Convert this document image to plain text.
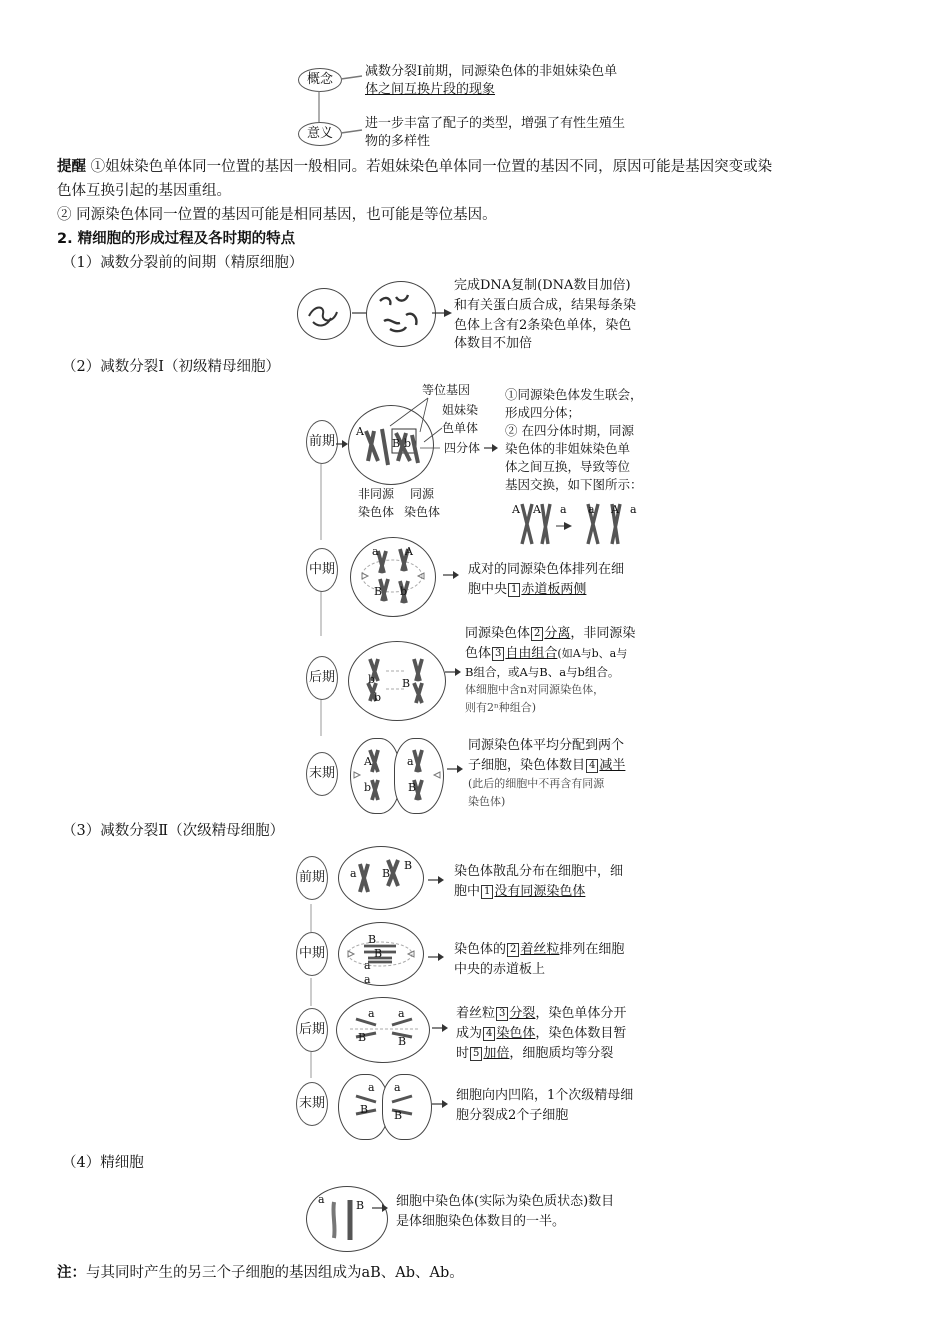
概念
意义
减数分裂Ⅰ前期，同源染色体的非姐妹染色单
体之间互换片段的现象
进一步丰富了配子的类型，增强了有性生殖生
物的多样性
提醒 ①姐妹染色单体同一位置的基因一般相同。若姐妹染色单体同一位置的基因不同，原因可能是基因突变或染
色体互换引起的基因重组。
② 同源染色体同一位置的基因可能是相同基因，也可能是等位基因。
2. 精细胞的形成过程及各时期的特点
（1）减数分裂前的间期（精原细胞）
完成DNA复制(DNA数目加倍)
和有关蛋白质合成，结果每条染
色体上含有2条染色单体，染色
体数目不加倍
（2）减数分裂Ⅰ（初级精母细胞）
前期
A
B b
等位基因
姐妹染
色单体
四分体
非同源
染色体
同源
染色体
①同源染色体发生联会，
形成四分体；
② 在四分体时期，同源
染色体的非姐妹染色单
体之间互换，导致等位
基因交换，如下图所示：
A A a a A a
中期
a A
B b
成对的同源染色体排列在细
胞中央 1 赤道板两侧
后期	b B
b
同源染色体 2 分离，非同源染
色体 3 自由组合(如A与b、a与
B组合，或A与B、a与b组合。
体细胞中含n对同源染色体，
则有2ⁿ种组合)
末期
A	a
b	B
同源染色体平均分配到两个
子细胞，染色体数目 4 减半
(此后的细胞中不再含有同源
染色体)
（3）减数分裂Ⅱ（次级精母细胞）
前期 a B
B	染色体散乱分布在细胞中，细
胞中 1 没有同源染色体
中期
B
B
a
a
染色体的 2 着丝粒排列在细胞
中央的赤道板上
后期
a a
B	B
着丝粒 3 分裂，染色单体分开
成为 4 染色体，染色体数目暂
时 5 加倍，细胞质均等分裂
末期
a a
B B
细胞向内凹陷，1个次级精母细
胞分裂成2个子细胞
（4）精细胞
a	B 细胞中染色体(实际为染色质状态)数目
是体细胞染色体数目的一半。
注：与其同时产生的另三个子细胞的基因组成为aB、Ab、Ab。
